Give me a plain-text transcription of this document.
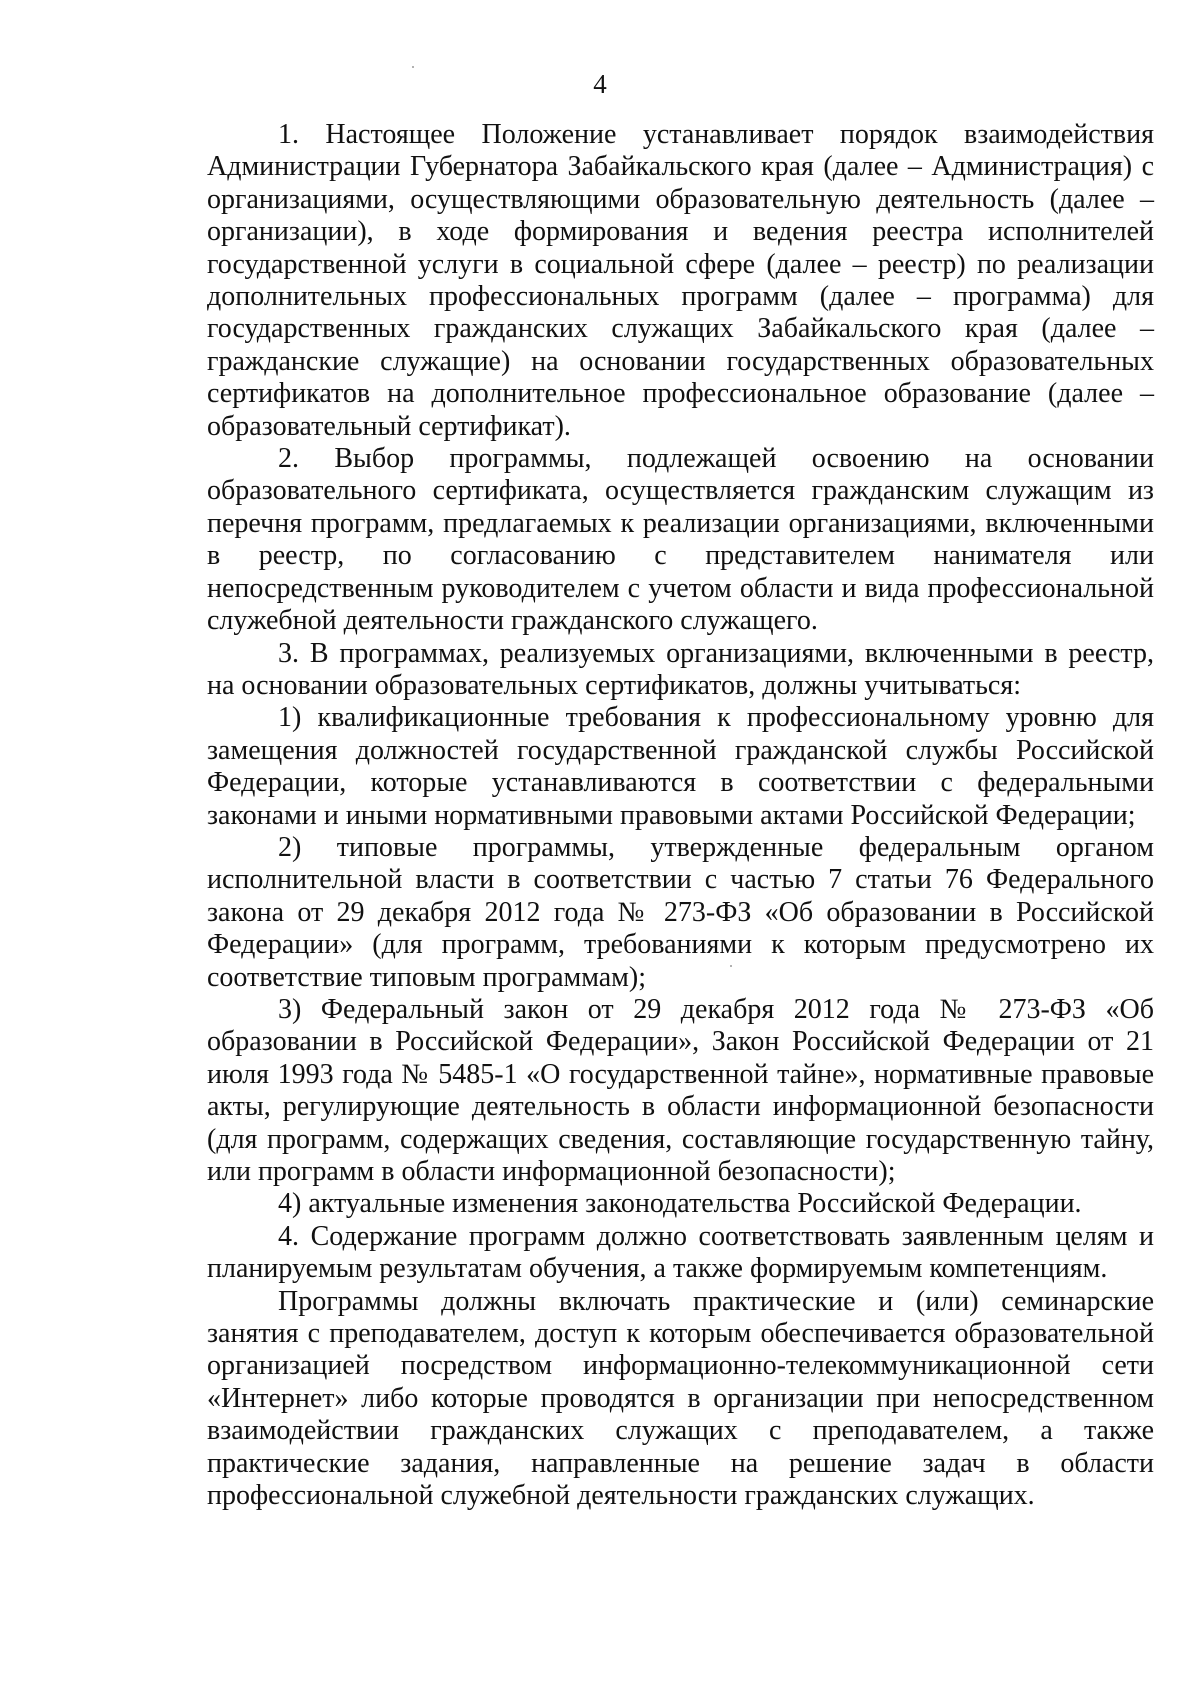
4

1. Настоящее Положение устанавливает порядок взаимодействия Администрации Губернатора Забайкальского края (далее – Администрация) с организациями, осуществляющими образовательную деятельность (далее – организации), в ходе формирования и ведения реестра исполнителей государственной услуги в социальной сфере (далее – реестр) по реализации дополнительных профессиональных программ (далее – программа) для государственных гражданских служащих Забайкальского края (далее – гражданские служащие) на основании государственных образовательных сертификатов на дополнительное профессиональное образование (далее – образовательный сертификат).

2. Выбор программы, подлежащей освоению на основании образовательного сертификата, осуществляется гражданским служащим из перечня программ, предлагаемых к реализации организациями, включенными в реестр, по согласованию с представителем нанимателя или непосредственным руководителем с учетом области и вида профессиональной служебной деятельности гражданского служащего.

3. В программах, реализуемых организациями, включенными в реестр, на основании образовательных сертификатов, должны учитываться:

1) квалификационные требования к профессиональному уровню для замещения должностей государственной гражданской службы Российской Федерации, которые устанавливаются в соответствии с федеральными законами и иными нормативными правовыми актами Российской Федерации;

2) типовые программы, утвержденные федеральным органом исполнительной власти в соответствии с частью 7 статьи 76 Федерального закона от 29 декабря 2012 года № 273-ФЗ «Об образовании в Российской Федерации» (для программ, требованиями к которым предусмотрено их соответствие типовым программам);

3) Федеральный закон от 29 декабря 2012 года № 273-ФЗ «Об образовании в Российской Федерации», Закон Российской Федерации от 21 июля 1993 года № 5485-1 «О государственной тайне», нормативные правовые акты, регулирующие деятельность в области информационной безопасности (для программ, содержащих сведения, составляющие государственную тайну, или программ в области информационной безопасности);

4) актуальные изменения законодательства Российской Федерации.

4. Содержание программ должно соответствовать заявленным целям и планируемым результатам обучения, а также формируемым компетенциям.

Программы должны включать практические и (или) семинарские занятия с преподавателем, доступ к которым обеспечивается образовательной организацией посредством информационно-телекоммуникационной сети «Интернет» либо которые проводятся в организации при непосредственном взаимодействии гражданских служащих с преподавателем, а также практические задания, направленные на решение задач в области профессиональной служебной деятельности гражданских служащих.
